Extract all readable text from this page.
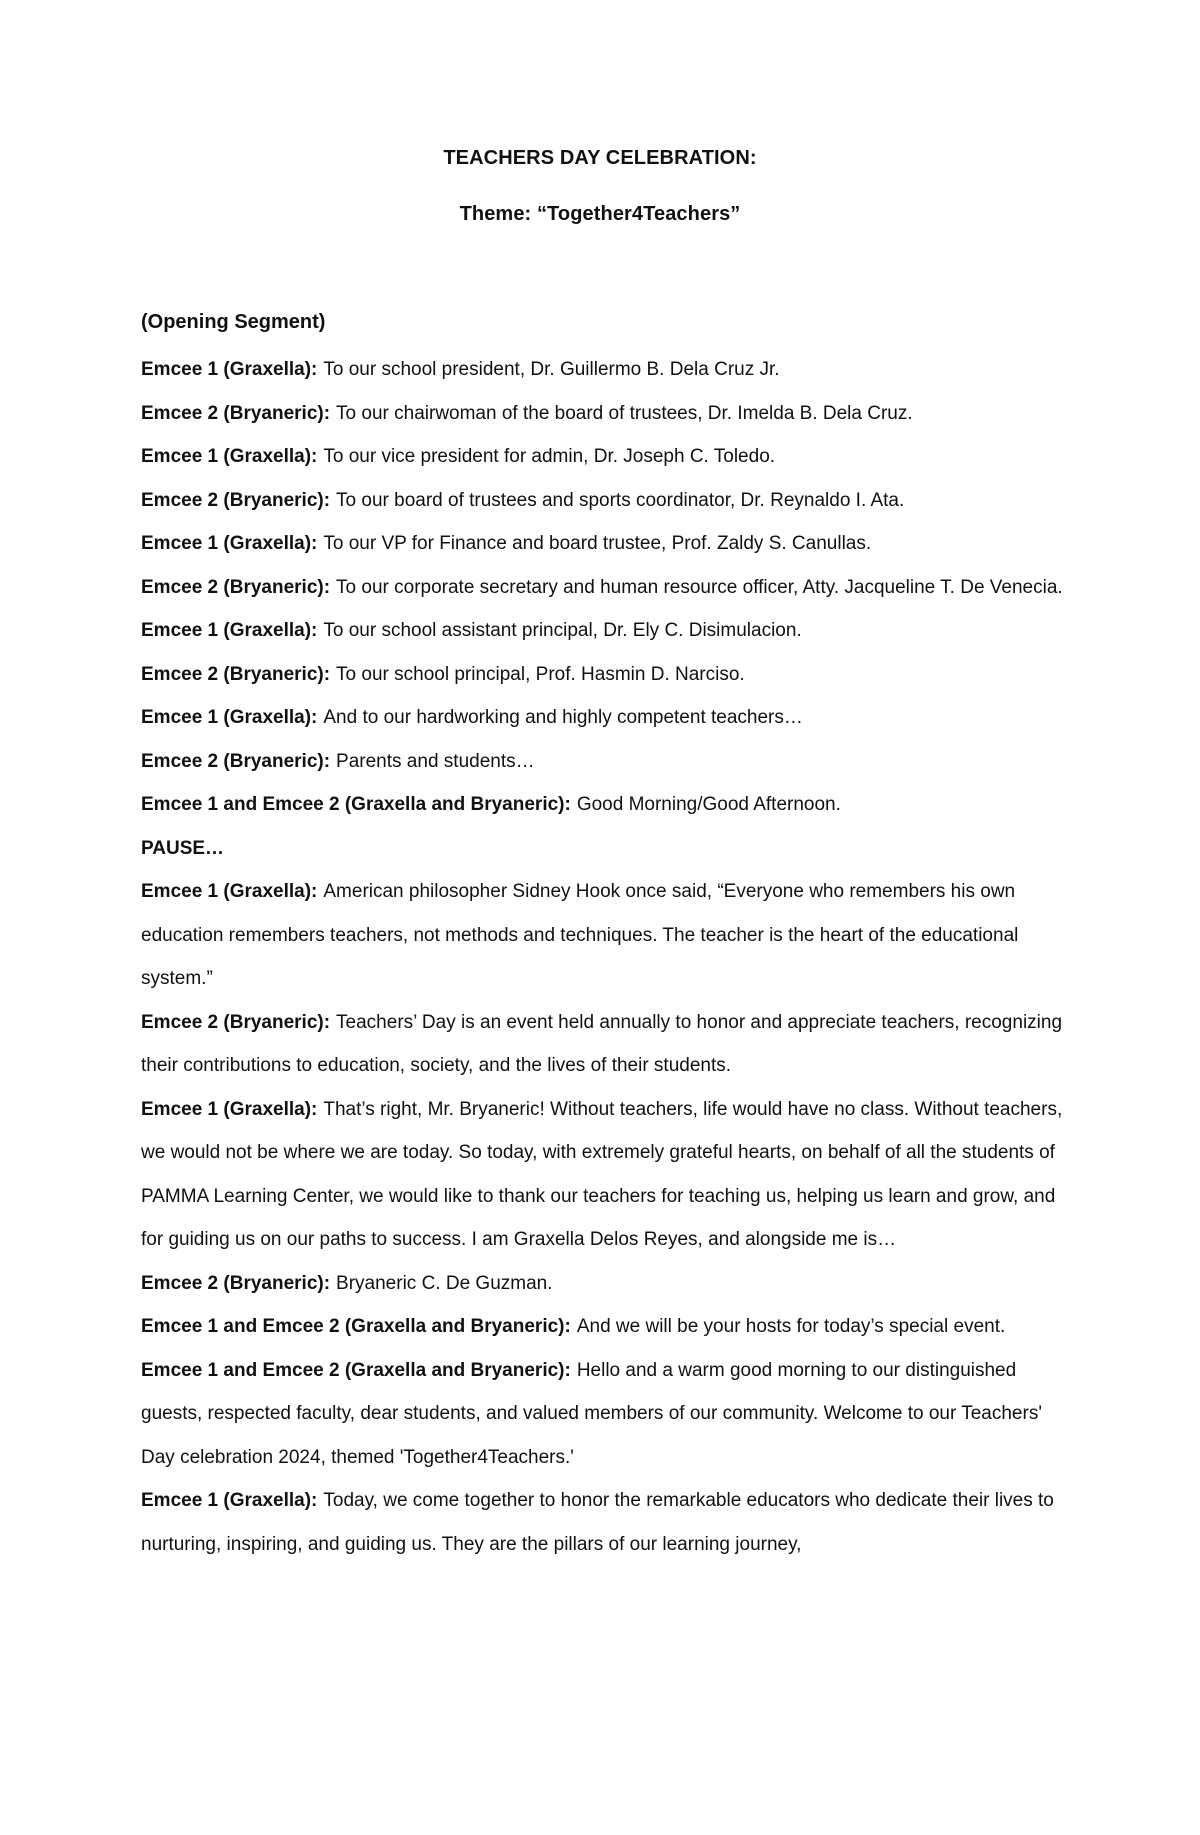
TEACHERS DAY CELEBRATION:
Theme: “Together4Teachers”
(Opening Segment)

Emcee 1 (Graxella): To our school president, Dr. Guillermo B. Dela Cruz Jr.

Emcee 2 (Bryaneric): To our chairwoman of the board of trustees, Dr. Imelda B. Dela Cruz.

Emcee 1 (Graxella): To our vice president for admin, Dr. Joseph C. Toledo.

Emcee 2 (Bryaneric): To our board of trustees and sports coordinator, Dr. Reynaldo I. Ata.

Emcee 1 (Graxella): To our VP for Finance and board trustee, Prof. Zaldy S. Canullas.

Emcee 2 (Bryaneric): To our corporate secretary and human resource officer, Atty. Jacqueline T. De Venecia.

Emcee 1 (Graxella): To our school assistant principal, Dr. Ely C. Disimulacion.

Emcee 2 (Bryaneric): To our school principal, Prof. Hasmin D. Narciso.

Emcee 1 (Graxella): And to our hardworking and highly competent teachers…

Emcee 2 (Bryaneric): Parents and students…

Emcee 1 and Emcee 2 (Graxella and Bryaneric): Good Morning/Good Afternoon.

PAUSE…

Emcee 1 (Graxella): American philosopher Sidney Hook once said, “Everyone who remembers his own education remembers teachers, not methods and techniques. The teacher is the heart of the educational system.”

Emcee 2 (Bryaneric): Teachers’ Day is an event held annually to honor and appreciate teachers, recognizing their contributions to education, society, and the lives of their students.

Emcee 1 (Graxella): That’s right, Mr. Bryaneric! Without teachers, life would have no class. Without teachers, we would not be where we are today. So today, with extremely grateful hearts, on behalf of all the students of PAMMA Learning Center, we would like to thank our teachers for teaching us, helping us learn and grow, and for guiding us on our paths to success. I am Graxella Delos Reyes, and alongside me is…

Emcee 2 (Bryaneric): Bryaneric C. De Guzman.

Emcee 1 and Emcee 2 (Graxella and Bryaneric): And we will be your hosts for today’s special event.

Emcee 1 and Emcee 2 (Graxella and Bryaneric): Hello and a warm good morning to our distinguished guests, respected faculty, dear students, and valued members of our community. Welcome to our Teachers' Day celebration 2024, themed 'Together4Teachers.'

Emcee 1 (Graxella): Today, we come together to honor the remarkable educators who dedicate their lives to nurturing, inspiring, and guiding us. They are the pillars of our learning journey,
